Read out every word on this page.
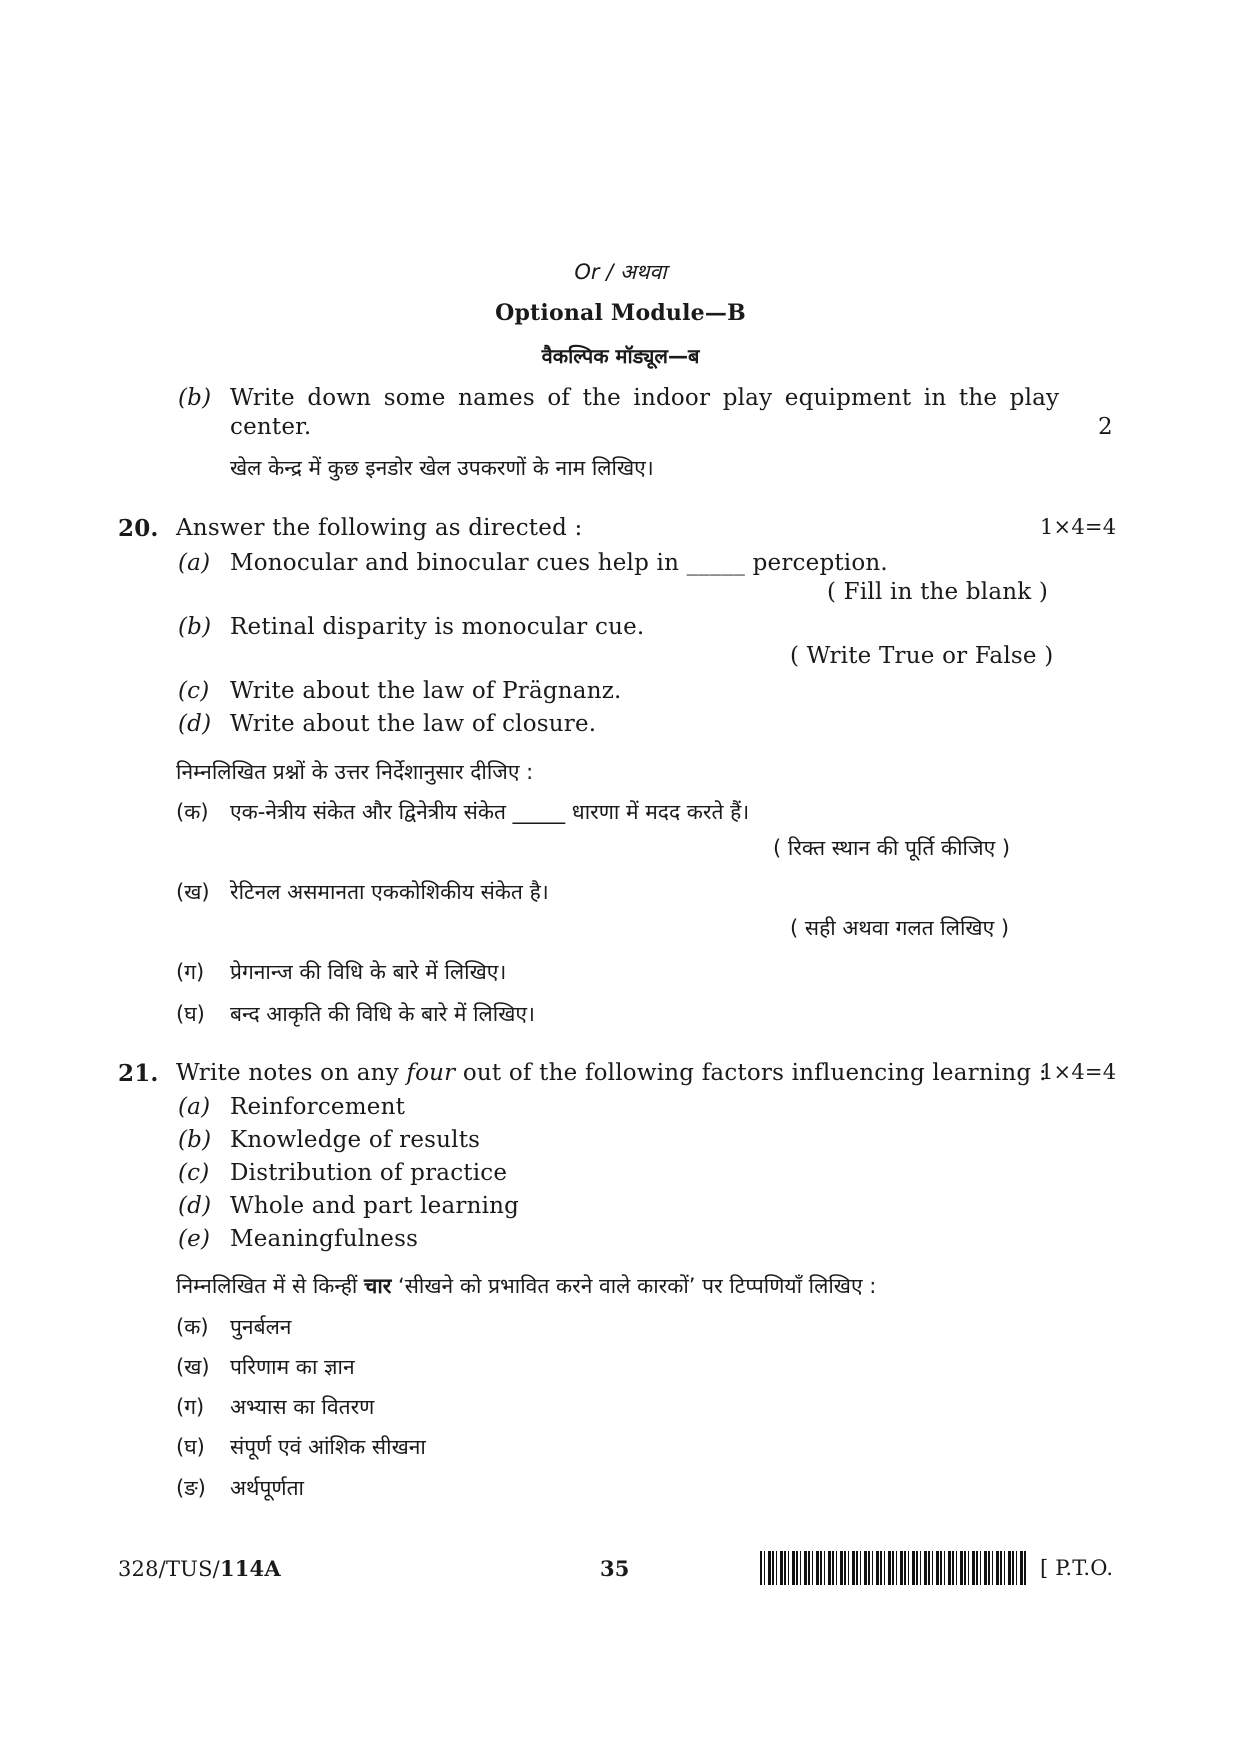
Or / अथवा
Optional Module—B
वैकल्पिक मॉड्यूल—ब
(b) Write down some names of the indoor play equipment in the play
center.	2
खेल केन्द्र में कुछ इनडोर खेल उपकरणों के नाम लिखिए।
20. Answer the following as directed :	1×4=4
(a) Monocular and binocular cues help in _____ perception.
( Fill in the blank )
(b) Retinal disparity is monocular cue.
( Write True or False )
(c) Write about the law of Prägnanz.
(d) Write about the law of closure.
निम्नलिखित प्रश्नों के उत्तर निर्देशानुसार दीजिए :
(क) एक-नेत्रीय संकेत और द्विनेत्रीय संकेत _____ धारणा में मदद करते हैं।
( रिक्त स्थान की पूर्ति कीजिए )
(ख) रेटिनल असमानता एककोशिकीय संकेत है।
( सही अथवा गलत लिखिए )
(ग) प्रेगनान्ज की विधि के बारे में लिखिए।
(घ) बन्द आकृति की विधि के बारे में लिखिए।
21. Write notes on any four out of the following factors influencing learning :
1×4=4
(a) Reinforcement
(b) Knowledge of results
(c) Distribution of practice
(d) Whole and part learning
(e) Meaningfulness
निम्नलिखित में से किन्हीं चार ‘सीखने को प्रभावित करने वाले कारकों’ पर टिप्पणियाँ लिखिए :
(क) पुनर्बलन
(ख) परिणाम का ज्ञान
(ग) अभ्यास का वितरण
(घ) संपूर्ण एवं आंशिक सीखना
(ङ) अर्थपूर्णता
328/TUS/114A	35	[ P.T.O.
